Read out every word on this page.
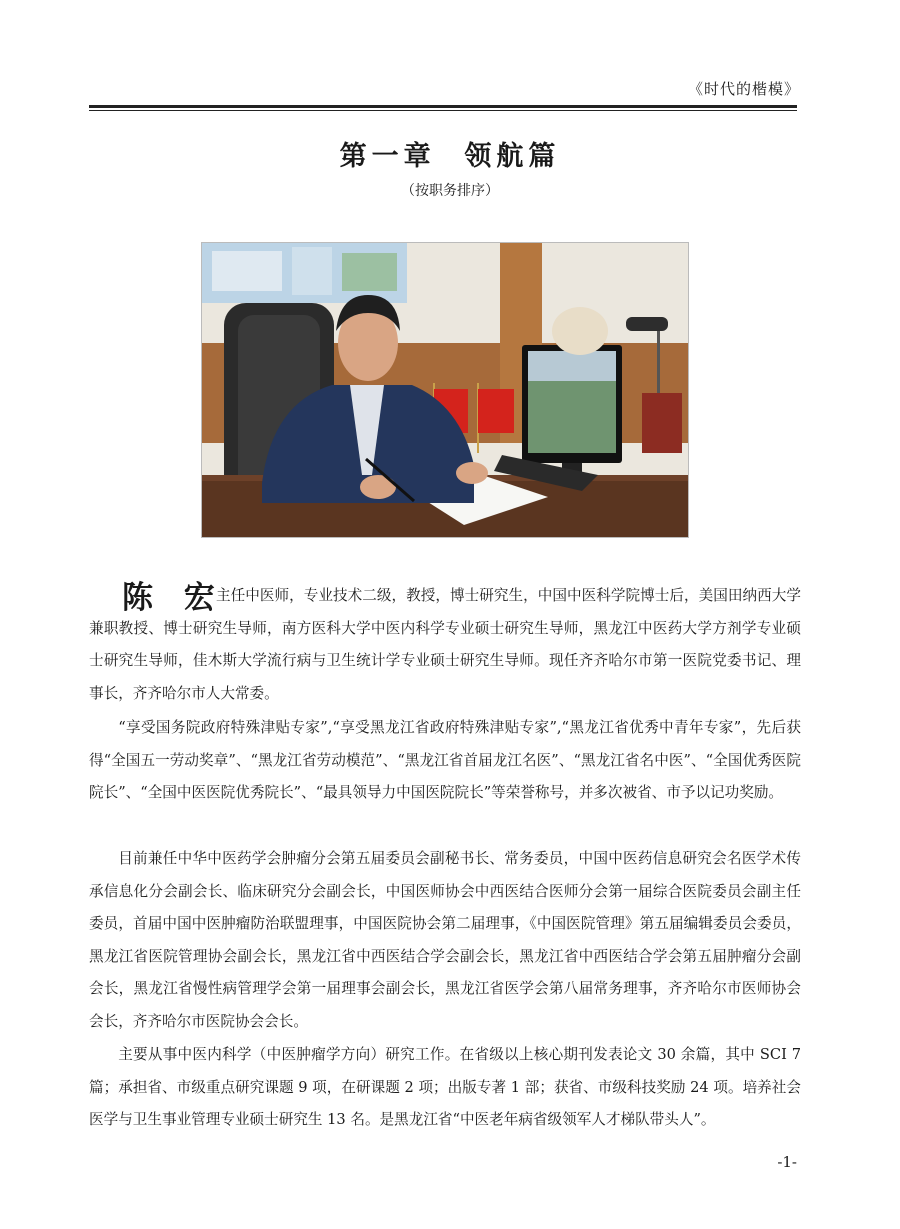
《时代的楷模》
第一章  领航篇
（按职务排序）
陈 宏
主任中医师，专业技术二级，教授，博士研究生，中国中医科学院博士后，美国田纳西大学兼职教授、博士研究生导师，南方医科大学中医内科学专业硕士研究生导师，黑龙江中医药大学方剂学专业硕士研究生导师，佳木斯大学流行病与卫生统计学专业硕士研究生导师。现任齐齐哈尔市第一医院党委书记、理事长，齐齐哈尔市人大常委。
“享受国务院政府特殊津贴专家”,“享受黑龙江省政府特殊津贴专家”,“黑龙江省优秀中青年专家”，先后获得“全国五一劳动奖章”、“黑龙江省劳动模范”、“黑龙江省首届龙江名医”、“黑龙江省名中医”、“全国优秀医院院长”、“全国中医医院优秀院长”、“最具领导力中国医院院长”等荣誉称号，并多次被省、市予以记功奖励。
目前兼任中华中医药学会肿瘤分会第五届委员会副秘书长、常务委员，中国中医药信息研究会名医学术传承信息化分会副会长、临床研究分会副会长，中国医师协会中西医结合医师分会第一届综合医院委员会副主任委员，首届中国中医肿瘤防治联盟理事，中国医院协会第二届理事，《中国医院管理》第五届编辑委员会委员，黑龙江省医院管理协会副会长，黑龙江省中西医结合学会副会长，黑龙江省中西医结合学会第五届肿瘤分会副会长，黑龙江省慢性病管理学会第一届理事会副会长，黑龙江省医学会第八届常务理事，齐齐哈尔市医师协会会长，齐齐哈尔市医院协会会长。
主要从事中医内科学（中医肿瘤学方向）研究工作。在省级以上核心期刊发表论文 30 余篇，其中 SCI 7篇；承担省、市级重点研究课题 9 项，在研课题 2 项；出版专著 1 部；获省、市级科技奖励 24 项。培养社会医学与卫生事业管理专业硕士研究生 13 名。是黑龙江省“中医老年病省级领军人才梯队带头人”。
-1-
